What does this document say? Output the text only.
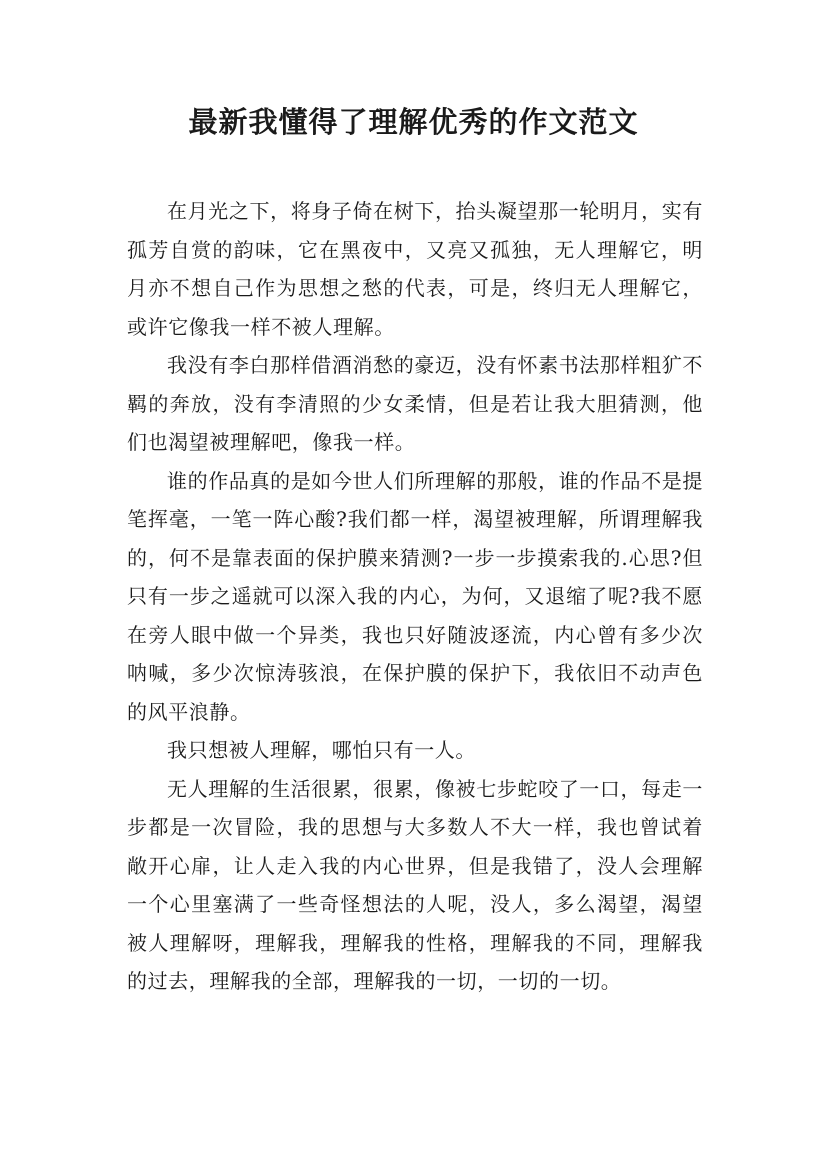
最新我懂得了理解优秀的作文范文

在月光之下，将身子倚在树下，抬头凝望那一轮明月，实有孤芳自赏的韵味，它在黑夜中，又亮又孤独，无人理解它，明月亦不想自己作为思想之愁的代表，可是，终归无人理解它，或许它像我一样不被人理解。

我没有李白那样借酒消愁的豪迈，没有怀素书法那样粗犷不羁的奔放，没有李清照的少女柔情，但是若让我大胆猜测，他们也渴望被理解吧，像我一样。

谁的作品真的是如今世人们所理解的那般，谁的作品不是提笔挥毫，一笔一阵心酸?我们都一样，渴望被理解，所谓理解我的，何不是靠表面的保护膜来猜测?一步一步摸索我的.心思?但只有一步之遥就可以深入我的内心，为何，又退缩了呢?我不愿在旁人眼中做一个异类，我也只好随波逐流，内心曾有多少次呐喊，多少次惊涛骇浪，在保护膜的保护下，我依旧不动声色的风平浪静。

我只想被人理解，哪怕只有一人。

无人理解的生活很累，很累，像被七步蛇咬了一口，每走一步都是一次冒险，我的思想与大多数人不大一样，我也曾试着敞开心扉，让人走入我的内心世界，但是我错了，没人会理解一个心里塞满了一些奇怪想法的人呢，没人，多么渴望，渴望被人理解呀，理解我，理解我的性格，理解我的不同，理解我的过去，理解我的全部，理解我的一切，一切的一切。
